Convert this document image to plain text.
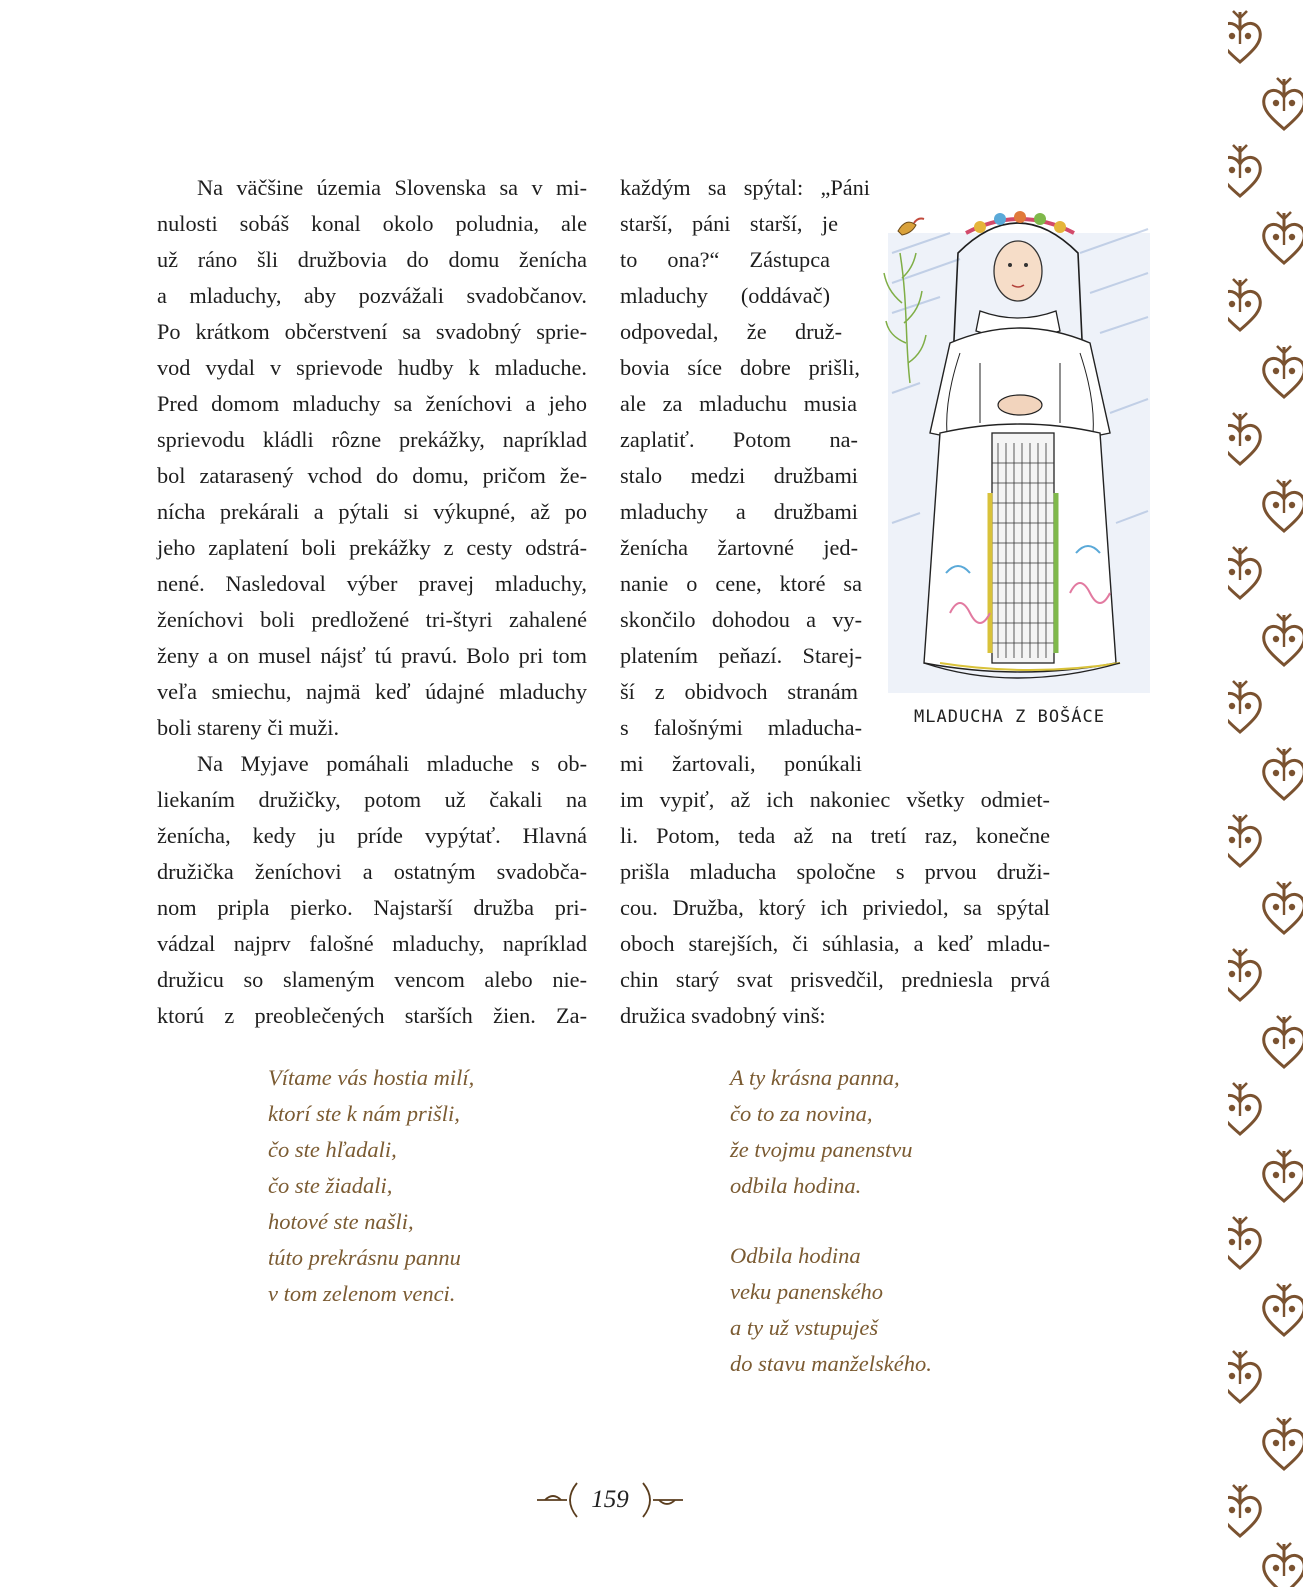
Na väčšine územia Slovenska sa v mi-
nulosti sobáš konal okolo poludnia, ale
už ráno šli družbovia do domu ženícha
a mladuchy, aby pozvážali svadobčanov.
Po krátkom občerstvení sa svadobný sprie-
vod vydal v sprievode hudby k mladuche.
Pred domom mladuchy sa ženíchovi a jeho
sprievodu kládli rôzne prekážky, napríklad
bol zatarasený vchod do domu, pričom že-
nícha prekárali a pýtali si výkupné, až po
jeho zaplatení boli prekážky z cesty odstrá-
nené. Nasledoval výber pravej mladuchy,
ženíchovi boli predložené tri-štyri zahalené
ženy a on musel nájsť tú pravú. Bolo pri tom
veľa smiechu, najmä keď údajné mladuchy
boli stareny či muži.
Na Myjave pomáhali mladuche s ob-
liekaním družičky, potom už čakali na
ženícha, kedy ju príde vypýtať. Hlavná
družička ženíchovi a ostatným svadobča-
nom pripla pierko. Najstarší družba pri-
vádzal najprv falošné mladuchy, napríklad
družicu so slameným vencom alebo nie-
ktorú z preoblečených starších žien. Za-
každým sa spýtal: „Páni
starší, páni starší, je
to ona?“ Zástupca
mladuchy (oddávač)
odpovedal, že druž-
bovia síce dobre prišli,
ale za mladuchu musia
zaplatiť. Potom na-
stalo medzi družbami
mladuchy a družbami
ženícha žartovné jed-
nanie o cene, ktoré sa
skončilo dohodou a vy-
platením peňazí. Starej-
ší z obidvoch stranám
s falošnými mladucha-
mi žartovali, ponúkali
im vypiť, až ich nakoniec všetky odmiet-
li. Potom, teda až na tretí raz, konečne
prišla mladucha spoločne s prvou druži-
cou. Družba, ktorý ich priviedol, sa spýtal
oboch starejších, či súhlasia, a keď mladu-
chin starý svat prisvedčil, predniesla prvá
družica svadobný vinš:
MLADUCHA Z BOŠÁCE
Vítame vás hostia milí,
ktorí ste k nám prišli,
čo ste hľadali,
čo ste žiadali,
hotové ste našli,
túto prekrásnu pannu
v tom zelenom venci.
A ty krásna panna,
čo to za novina,
že tvojmu panenstvu
odbila hodina.
Odbila hodina
veku panenského
a ty už vstupuješ
do stavu manželského.
159
